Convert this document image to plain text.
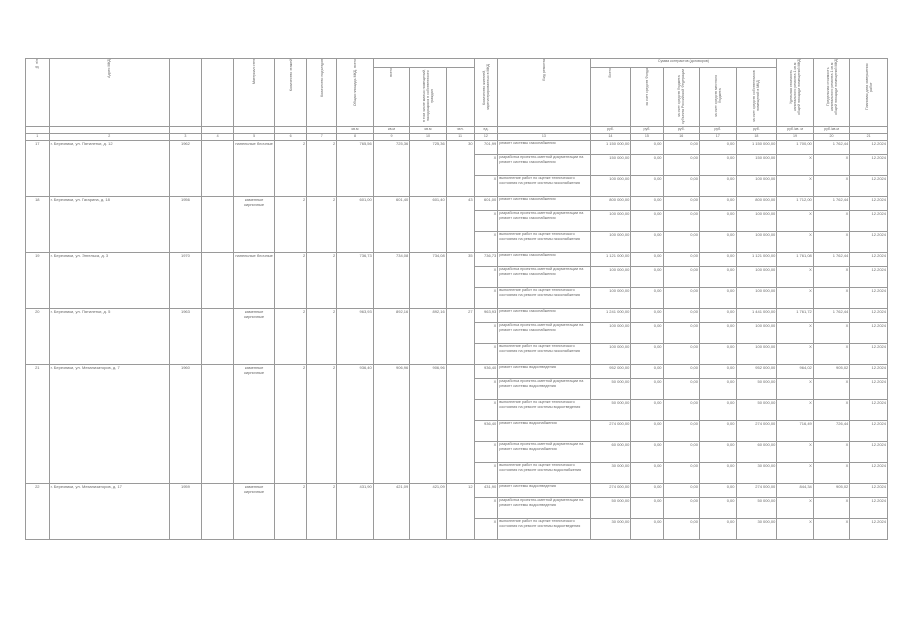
№ п/п	Адрес МКД			Материал стен	Количество этажей	Количество подъездов	Общая площадь МКД, всего				Количество жителей, зарегистрированных в МКД	Вид ремонта	Сумма контрактов (договоров)					Удельная стоимость капитального ремонта 1 кв.м общей площади помещений МКД	Предельная стоимость капитального ремонта 1 кв.м общей площади помещений МКД	Плановая дата завершения работ

								всего	в том числе жилых помещений, находящихся в собственности граждан				Всего	за счет средств Фонда	за счет средств бюджета субъекта Российской Федерации	за счет средств местного бюджета	за счет средств собственников помещений в МКД			

							кв.м	кв.м	кв.м	чел.	ед.		руб.	руб.	руб.	руб.	руб.	руб./кв. м	руб./кв.м	
1	2	3	4	5	6	7	8	9	10	11	12	13	14	15	16	17	18	19	20	21
17	г. Березники, ул. Пятилетки, д. 12	1962		панельные блочные	2	2	765,56	725,36	725,36	30	701,99	ремонт системы газоснабжения	1 150 000,00	0,00	0,00	0,00	1 150 000,00	1 700,00	1 762,44	12.2024
											X	разработка проектно-сметной документации на ремонт системы газоснабжения	150 000,00	0,00	0,00	0,00	150 000,00	X	X	12.2024
											X	выполнение работ по оценке технического состояния на ремонт системы газоснабжения	100 000,00	0,00	0,00	0,00	100 000,00	X	X	12.2024
18	г. Березники, ул. Гагарина, д. 18	1956		каменные кирпичные	2	2	601,00	601,40	601,40	43	601,00	ремонт системы газоснабжения	800 000,00	0,00	0,00	0,00	800 000,00	1 712,00	1 762,44	12.2024
											X	разработка проектно-сметной документации на ремонт системы газоснабжения	100 000,00	0,00	0,00	0,00	100 000,00	X	X	12.2024
											X	выполнение работ по оценке технического состояния на ремонт системы газоснабжения	100 000,00	0,00	0,00	0,00	100 000,00	X	X	12.2024
19	г. Березники, ул. Энгельса, д. 3	1970		панельные блочные	2	2	736,73	734,08	734,08	35	736,73	ремонт системы газоснабжения	1 121 000,00	0,00	0,00	0,00	1 121 000,00	1 761,08	1 762,44	12.2024
											X	разработка проектно-сметной документации на ремонт системы газоснабжения	100 000,00	0,00	0,00	0,00	100 000,00	X	X	12.2024
											X	выполнение работ по оценке технического состояния на ремонт системы газоснабжения	100 000,00	0,00	0,00	0,00	100 000,00	X	X	12.2024
20	г. Березники, ул. Пятилетки, д. 5	1963		каменные кирпичные	2	2	963,93	892,16	892,16	27	963,93	ремонт системы газоснабжения	1 241 000,00	0,00	0,00	0,00	1 441 000,00	1 761,72	1 762,44	12.2024
											X	разработка проектно-сметной документации на ремонт системы газоснабжения	100 000,00	0,00	0,00	0,00	100 000,00	X	X	12.2024
											X	выполнение работ по оценке технического состояния на ремонт системы газоснабжения	100 000,00	0,00	0,00	0,00	100 000,00	X	X	12.2024
21	г. Березники, ул. Механизаторов, д. 7	1960		каменные кирпичные	2	2	936,40	906,96	906,96		936,40	ремонт системы водоотведения	952 000,00	0,00	0,00	0,00	952 000,00	964,02	905,02	12.2024
											X	разработка проектно-сметной документации на ремонт системы водоотведения	50 000,00	0,00	0,00	0,00	50 000,00	X	X	12.2024
											X	выполнение работ по оценке технического состояния на ремонт системы водоотведения	50 000,00	0,00	0,00	0,00	50 000,00	X	X	12.2024
											936,40	ремонт системы водоснабжения	274 000,00	0,00	0,00	0,00	274 000,00	716,49	726,44	12.2024
											X	разработка проектно-сметной документации на ремонт системы водоснабжения	60 000,00	0,00	0,00	0,00	60 000,00	X	X	12.2024
											X	выполнение работ по оценке технического состояния на ремонт системы водоснабжения	30 000,00	0,00	0,00	0,00	30 000,00	X	X	12.2024
22	г. Березники, ул. Механизаторов, д. 17	1959		каменные кирпичные	2	2	431,90	421,09	421,09	12	431,90	ремонт системы водоотведения	274 000,00	0,00	0,00	0,00	274 000,00	844,34	905,02	12.2024
											X	разработка проектно-сметной документации на ремонт системы водоотведения	50 000,00	0,00	0,00	0,00	50 000,00	X	X	12.2024
											X	выполнение работ по оценке технического состояния на ремонт системы водоотведения	30 000,00	0,00	0,00	0,00	30 000,00	X	X	12.2024
